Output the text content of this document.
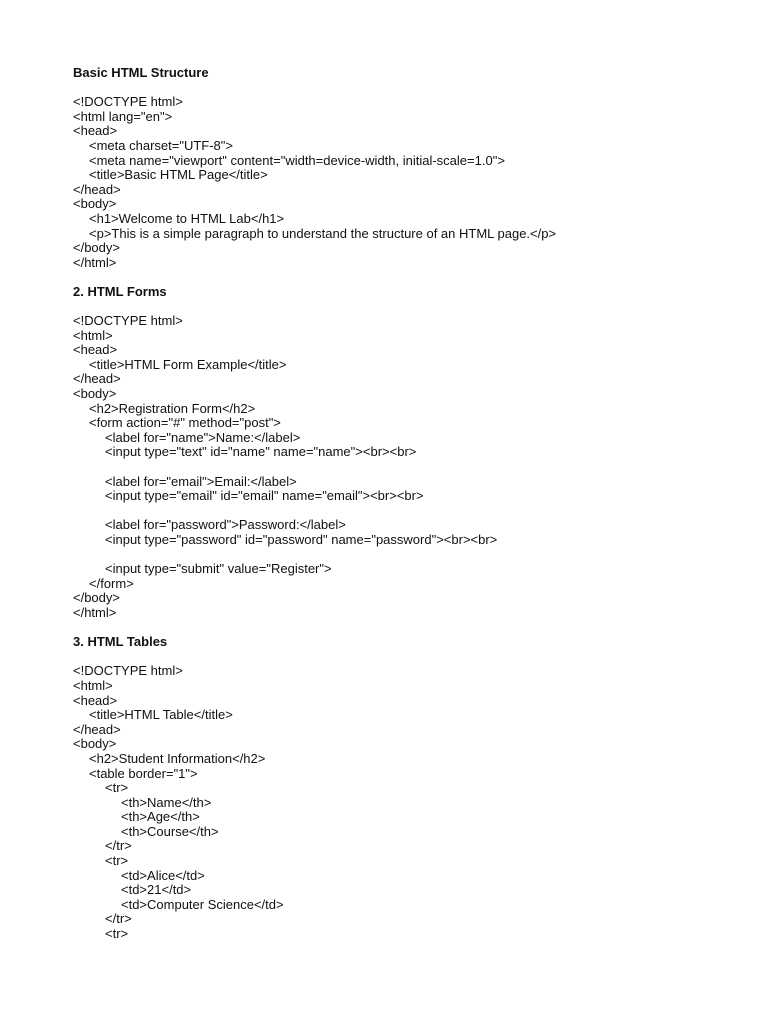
Basic HTML Structure
<!DOCTYPE html>
<html lang="en">
<head>
<meta charset="UTF-8">
<meta name="viewport" content="width=device-width, initial-scale=1.0">
<title>Basic HTML Page</title>
</head>
<body>
<h1>Welcome to HTML Lab</h1>
<p>This is a simple paragraph to understand the structure of an HTML page.</p>
</body>
</html>
2. HTML Forms
<!DOCTYPE html>
<html>
<head>
<title>HTML Form Example</title>
</head>
<body>
<h2>Registration Form</h2>
<form action="#" method="post">
<label for="name">Name:</label>
<input type="text" id="name" name="name"><br><br>
<label for="email">Email:</label>
<input type="email" id="email" name="email"><br><br>
<label for="password">Password:</label>
<input type="password" id="password" name="password"><br><br>
<input type="submit" value="Register">
</form>
</body>
</html>
3. HTML Tables
<!DOCTYPE html>
<html>
<head>
<title>HTML Table</title>
</head>
<body>
<h2>Student Information</h2>
<table border="1">
<tr>
<th>Name</th>
<th>Age</th>
<th>Course</th>
</tr>
<tr>
<td>Alice</td>
<td>21</td>
<td>Computer Science</td>
</tr>
<tr>
